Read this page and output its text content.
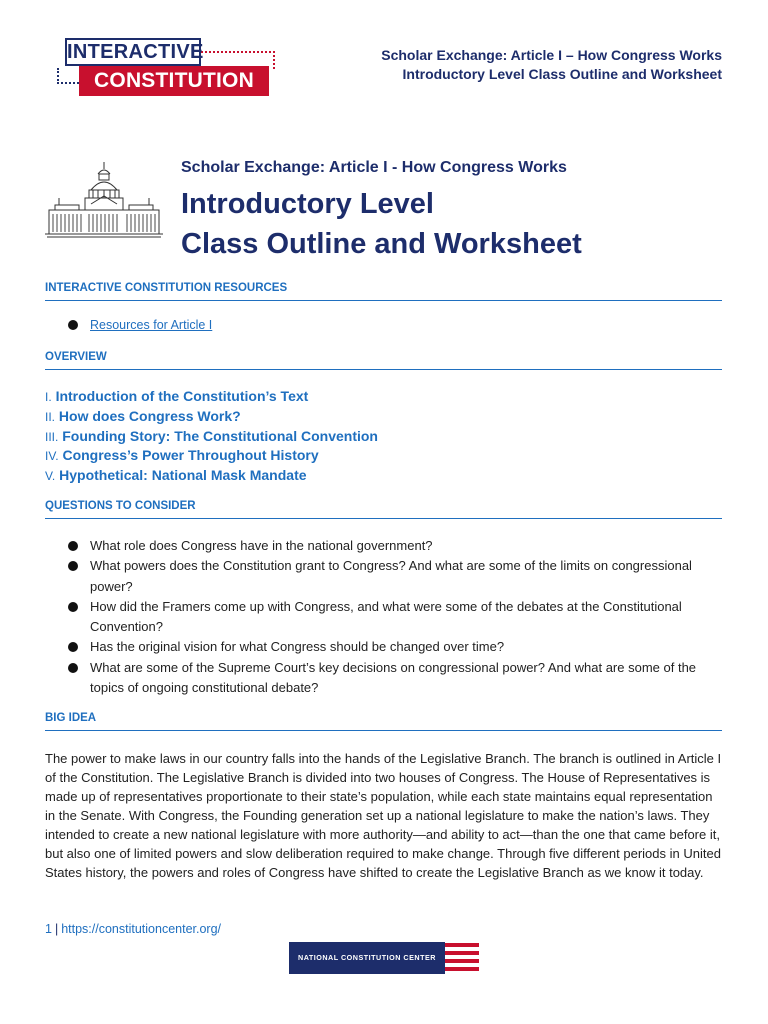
INTERACTIVE
CONSTITUTION
Scholar Exchange: Article I – How Congress Works
Introductory Level Class Outline and Worksheet
Scholar Exchange: Article I - How Congress Works
Introductory Level
Class Outline and Worksheet
INTERACTIVE CONSTITUTION RESOURCES
Resources for Article I
OVERVIEW
I. Introduction of the Constitution’s Text
II. How does Congress Work?
III. Founding Story: The Constitutional Convention
IV. Congress’s Power Throughout History
V. Hypothetical: National Mask Mandate
QUESTIONS TO CONSIDER
What role does Congress have in the national government?
What powers does the Constitution grant to Congress? And what are some of the limits on congressional power?
How did the Framers come up with Congress, and what were some of the debates at the Constitutional Convention?
Has the original vision for what Congress should be changed over time?
What are some of the Supreme Court’s key decisions on congressional power? And what are some of the topics of ongoing constitutional debate?
BIG IDEA
The power to make laws in our country falls into the hands of the Legislative Branch. The branch is outlined in Article I of the Constitution. The Legislative Branch is divided into two houses of Congress. The House of Representatives is made up of representatives proportionate to their state’s population, while each state maintains equal representation in the Senate. With Congress, the Founding generation set up a national legislature to make the nation’s laws. They intended to create a new national legislature with more authority—and ability to act—than the one that came before it, but also one of limited powers and slow deliberation required to make change. Through five different periods in United States history, the powers and roles of Congress have shifted to create the Legislative Branch as we know it today.
1 | https://constitutioncenter.org/
NATIONAL CONSTITUTION CENTER
